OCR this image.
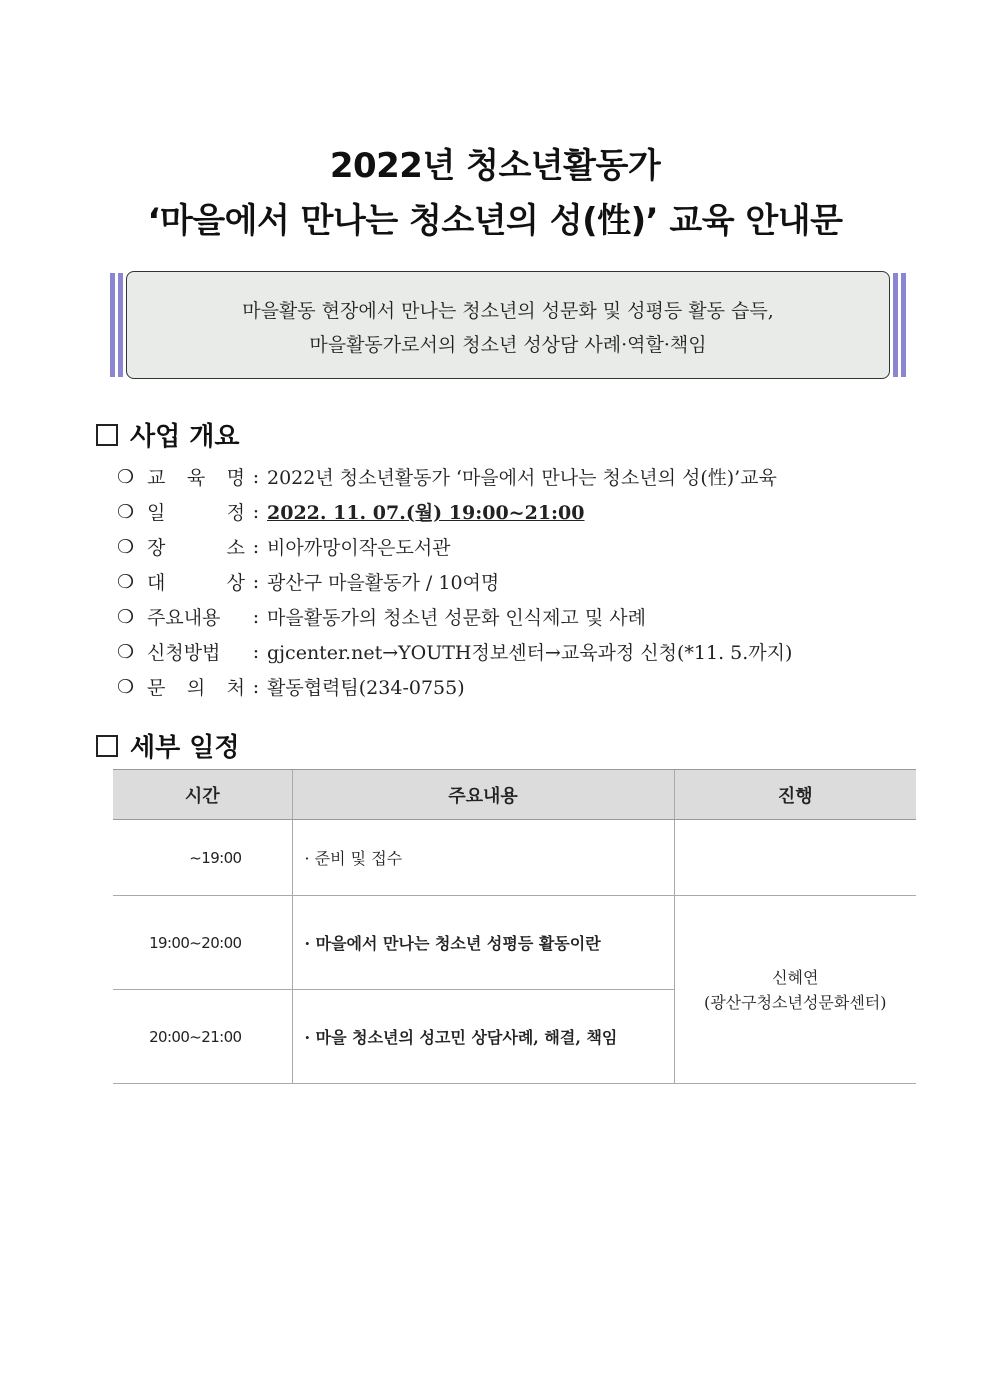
2022년 청소년활동가
‘마을에서 만나는 청소년의 성(性)’ 교육 안내문
마을활동 현장에서 만나는 청소년의 성문화 및 성평등 활동 습득,
마을활동가로서의 청소년 성상담 사례·역할·책임
사업 개요
❍ 교 육 명 : 2022년 청소년활동가 ‘마을에서 만나는 청소년의 성(性)’교육
❍ 일	정 : 2022. 11. 07.(월) 19:00~21:00
❍ 장	소 : 비아까망이작은도서관
❍ 대	상 : 광산구 마을활동가 / 10여명
❍ 주요내용	: 마을활동가의 청소년 성문화 인식제고 및 사례
❍ 신청방법	: gjcenter.net→YOUTH정보센터→교육과정 신청(*11. 5.까지)
❍ 문 의 처 : 활동협력팀(234-0755)
세부 일정
시간	주요내용	진행
~19:00	· 준비 및 접수	
19:00~20:00	· 마을에서 만나는 청소년 성평등 활동이란	신혜연
(광산구청소년성문화센터)

20:00~21:00	· 마을 청소년의 성고민 상담사례, 해결, 책임	
